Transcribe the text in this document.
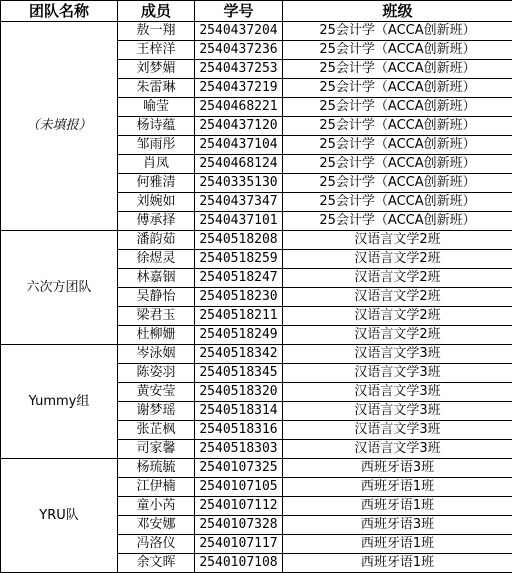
团队名称	成员	学号	班级
（未填报）	敖一翔	2540437204	25会计学（ACCA创新班）
	王梓洋	2540437236	25会计学（ACCA创新班）
	刘梦媚	2540437253	25会计学（ACCA创新班）
	朱雷琳	2540437219	25会计学（ACCA创新班）
	喻莹	2540468221	25会计学（ACCA创新班）
	杨诗蕴	2540437120	25会计学（ACCA创新班）
	邹雨彤	2540437104	25会计学（ACCA创新班）
	肖凤	2540468124	25会计学（ACCA创新班）
	何雅清	2540335130	25会计学（ACCA创新班）
	刘婉如	2540437347	25会计学（ACCA创新班）
	傅承择	2540437101	25会计学（ACCA创新班）
六次方团队	潘韵茹	2540518208	汉语言文学2班
	徐煜灵	2540518259	汉语言文学2班
	林嘉铟	2540518247	汉语言文学2班
	吴静怡	2540518230	汉语言文学2班
	梁君玉	2540518211	汉语言文学2班
	杜柳姗	2540518249	汉语言文学2班
Yummy组	岑泳姻	2540518342	汉语言文学3班
	陈姿羽	2540518345	汉语言文学3班
	黄安莹	2540518320	汉语言文学3班
	谢梦瑶	2540518314	汉语言文学3班
	张芷枫	2540518316	汉语言文学3班
	司家馨	2540518303	汉语言文学3班
YRU队	杨琉毓	2540107325	西班牙语3班
	江伊楠	2540107105	西班牙语1班
	童小芮	2540107112	西班牙语1班
	邓安娜	2540107328	西班牙语3班
	冯洛仪	2540107117	西班牙语1班
	余文晖	2540107108	西班牙语1班
